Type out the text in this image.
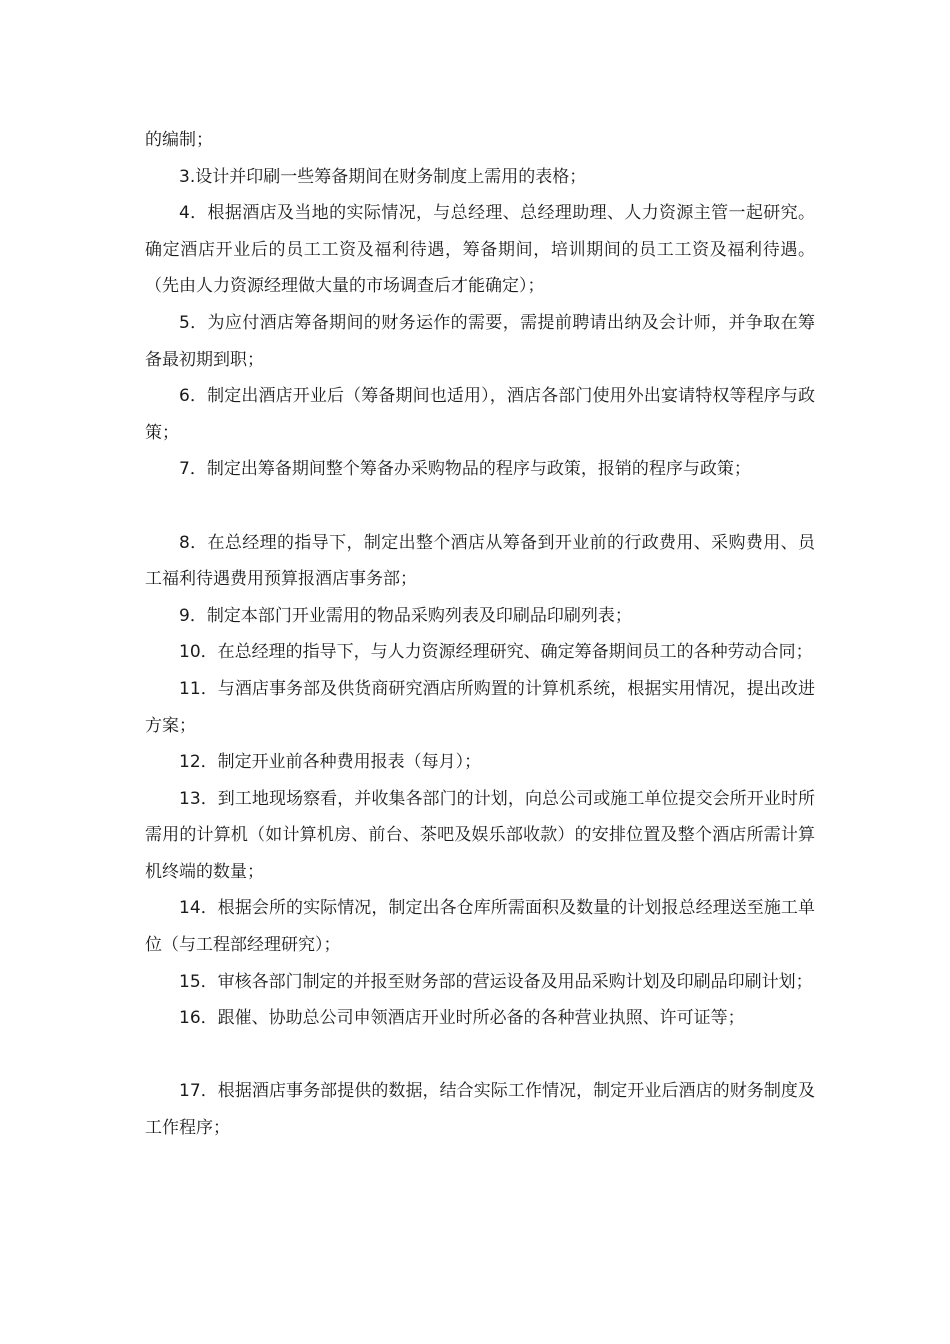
的编制；

3.设计并印刷一些筹备期间在财务制度上需用的表格；

4．根据酒店及当地的实际情况，与总经理、总经理助理、人力资源主管一起研究。确定酒店开业后的员工工资及福利待遇，筹备期间，培训期间的员工工资及福利待遇。（先由人力资源经理做大量的市场调查后才能确定）；

5．为应付酒店筹备期间的财务运作的需要，需提前聘请出纳及会计师，并争取在筹备最初期到职；

6．制定出酒店开业后（筹备期间也适用），酒店各部门使用外出宴请特权等程序与政策；

7．制定出筹备期间整个筹备办采购物品的程序与政策，报销的程序与政策；

8．在总经理的指导下，制定出整个酒店从筹备到开业前的行政费用、采购费用、员工福利待遇费用预算报酒店事务部；

9．制定本部门开业需用的物品采购列表及印刷品印刷列表；

10．在总经理的指导下，与人力资源经理研究、确定筹备期间员工的各种劳动合同；

11．与酒店事务部及供货商研究酒店所购置的计算机系统，根据实用情况，提出改进方案；

12．制定开业前各种费用报表（每月）；

13．到工地现场察看，并收集各部门的计划，向总公司或施工单位提交会所开业时所需用的计算机（如计算机房、前台、茶吧及娱乐部收款）的安排位置及整个酒店所需计算机终端的数量；

14．根据会所的实际情况，制定出各仓库所需面积及数量的计划报总经理送至施工单位（与工程部经理研究）；

15．审核各部门制定的并报至财务部的营运设备及用品采购计划及印刷品印刷计划；

16．跟催、协助总公司申领酒店开业时所必备的各种营业执照、许可证等；

17．根据酒店事务部提供的数据，结合实际工作情况，制定开业后酒店的财务制度及工作程序；
